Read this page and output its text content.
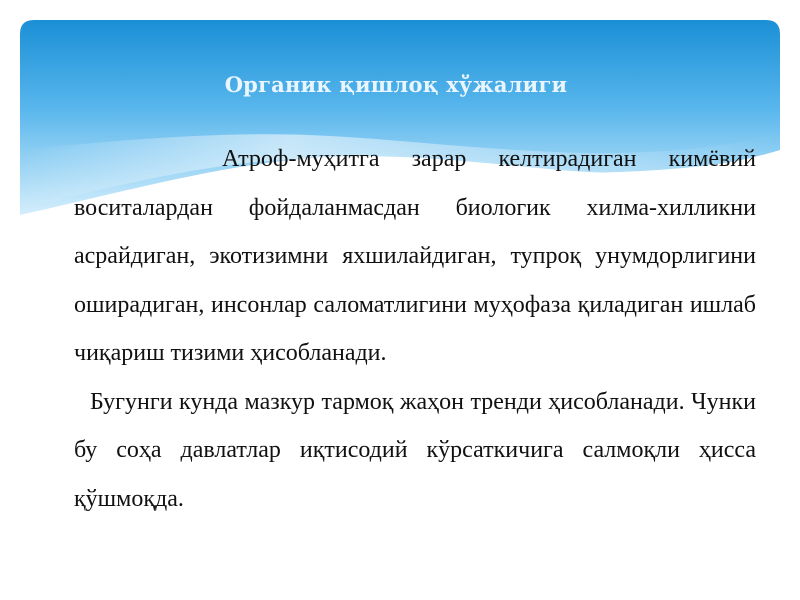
Органик қишлоқ хўжалиги

Атроф-муҳитга зарар келтирадиган кимёвий воситалардан фойдаланмасдан биологик хилма-хилликни асрайдиган, экотизимни яхшилайдиган, тупроқ унумдорлигини оширадиган, инсонлар саломатлигини муҳофаза қиладиган ишлаб чиқариш тизими ҳисобланади.

Бугунги кунда мазкур тармоқ жаҳон тренди ҳисобланади. Чунки бу соҳа давлатлар иқтисодий кўрсаткичига салмоқли ҳисса қўшмоқда.
